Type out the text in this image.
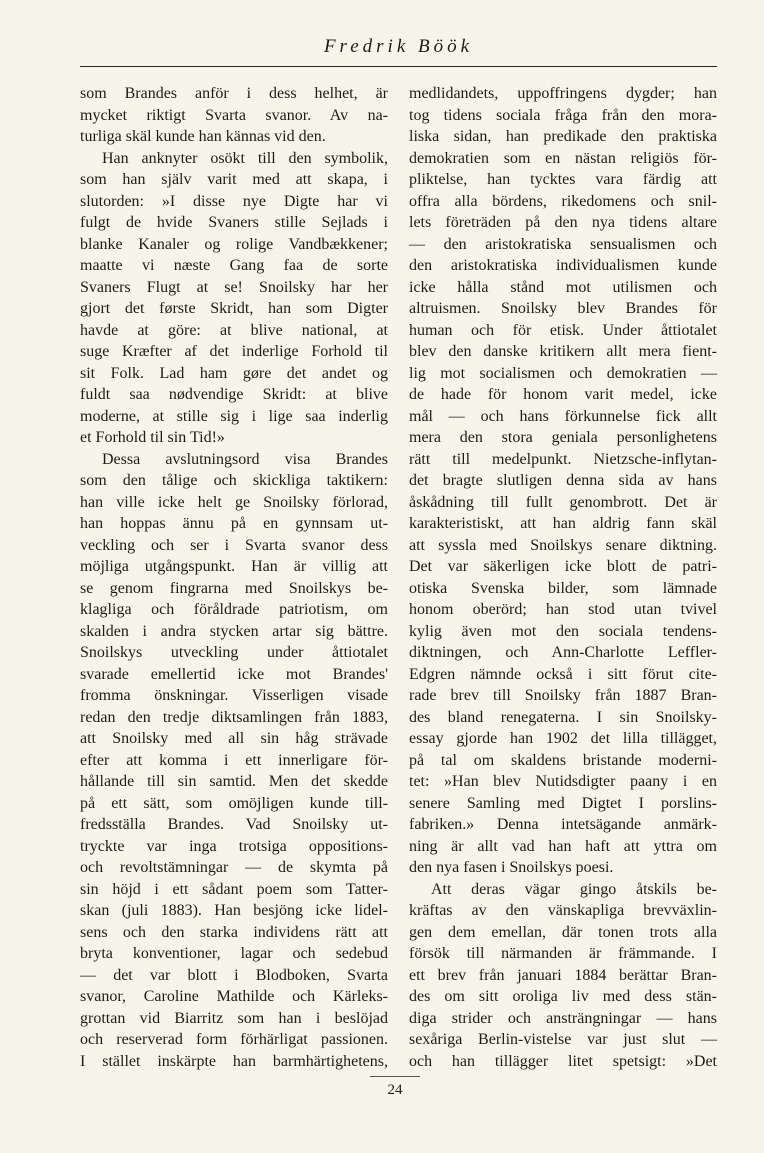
Fredrik Böök
som Brandes anför i dess helhet, är
mycket riktigt Svarta svanor. Av na-
turliga skäl kunde han kännas vid den.
Han anknyter osökt till den symbolik,
som han själv varit med att skapa, i
slutorden: »I disse nye Digte har vi
fulgt de hvide Svaners stille Sejlads i
blanke Kanaler og rolige Vandbækkener;
maatte vi næste Gang faa de sorte
Svaners Flugt at se! Snoilsky har her
gjort det første Skridt, han som Digter
havde at göre: at blive national, at
suge Kræfter af det inderlige Forhold til
sit Folk. Lad ham gøre det andet og
fuldt saa nødvendige Skridt: at blive
moderne, at stille sig i lige saa inderlig
et Forhold til sin Tid!»
Dessa avslutningsord visa Brandes
som den tålige och skickliga taktikern:
han ville icke helt ge Snoilsky förlorad,
han hoppas ännu på en gynnsam ut-
veckling och ser i Svarta svanor dess
möjliga utgångspunkt. Han är villig att
se genom fingrarna med Snoilskys be-
klagliga och föråldrade patriotism, om
skalden i andra stycken artar sig bättre.
Snoilskys utveckling under åttiotalet
svarade emellertid icke mot Brandes'
fromma önskningar. Visserligen visade
redan den tredje diktsamlingen från 1883,
att Snoilsky med all sin håg strävade
efter att komma i ett innerligare för-
hållande till sin samtid. Men det skedde
på ett sätt, som omöjligen kunde till-
fredsställa Brandes. Vad Snoilsky ut-
tryckte var inga trotsiga oppositions-
och revoltstämningar — de skymta på
sin höjd i ett sådant poem som Tatter-
skan (juli 1883). Han besjöng icke lidel-
sens och den starka individens rätt att
bryta konventioner, lagar och sedebud
— det var blott i Blodboken, Svarta
svanor, Caroline Mathilde och Kärleks-
grottan vid Biarritz som han i beslöjad
och reserverad form förhärligat passionen.
I stället inskärpte han barmhärtighetens,
medlidandets, uppoffringens dygder; han
tog tidens sociala fråga från den mora-
liska sidan, han predikade den praktiska
demokratien som en nästan religiös för-
pliktelse, han tycktes vara färdig att
offra alla bördens, rikedomens och snil-
lets företräden på den nya tidens altare
— den aristokratiska sensualismen och
den aristokratiska individualismen kunde
icke hålla stånd mot utilismen och
altruismen. Snoilsky blev Brandes för
human och för etisk. Under åttiotalet
blev den danske kritikern allt mera fient-
lig mot socialismen och demokratien —
de hade för honom varit medel, icke
mål — och hans förkunnelse fick allt
mera den stora geniala personlighetens
rätt till medelpunkt. Nietzsche-inflytan-
det bragte slutligen denna sida av hans
åskådning till fullt genombrott. Det är
karakteristiskt, att han aldrig fann skäl
att syssla med Snoilskys senare diktning.
Det var säkerligen icke blott de patri-
otiska Svenska bilder, som lämnade
honom oberörd; han stod utan tvivel
kylig även mot den sociala tendens-
diktningen, och Ann-Charlotte Leffler-
Edgren nämnde också i sitt förut cite-
rade brev till Snoilsky från 1887 Bran-
des bland renegaterna. I sin Snoilsky-
essay gjorde han 1902 det lilla tillägget,
på tal om skaldens bristande moderni-
tet: »Han blev Nutidsdigter paany i en
senere Samling med Digtet I porslins-
fabriken.» Denna intetsägande anmärk-
ning är allt vad han haft att yttra om
den nya fasen i Snoilskys poesi.
Att deras vägar gingo åtskils be-
kräftas av den vänskapliga brevväxlin-
gen dem emellan, där tonen trots alla
försök till närmanden är främmande. I
ett brev från januari 1884 berättar Bran-
des om sitt oroliga liv med dess stän-
diga strider och ansträngningar — hans
sexåriga Berlin-vistelse var just slut —
och han tillägger litet spetsigt: »Det
24
